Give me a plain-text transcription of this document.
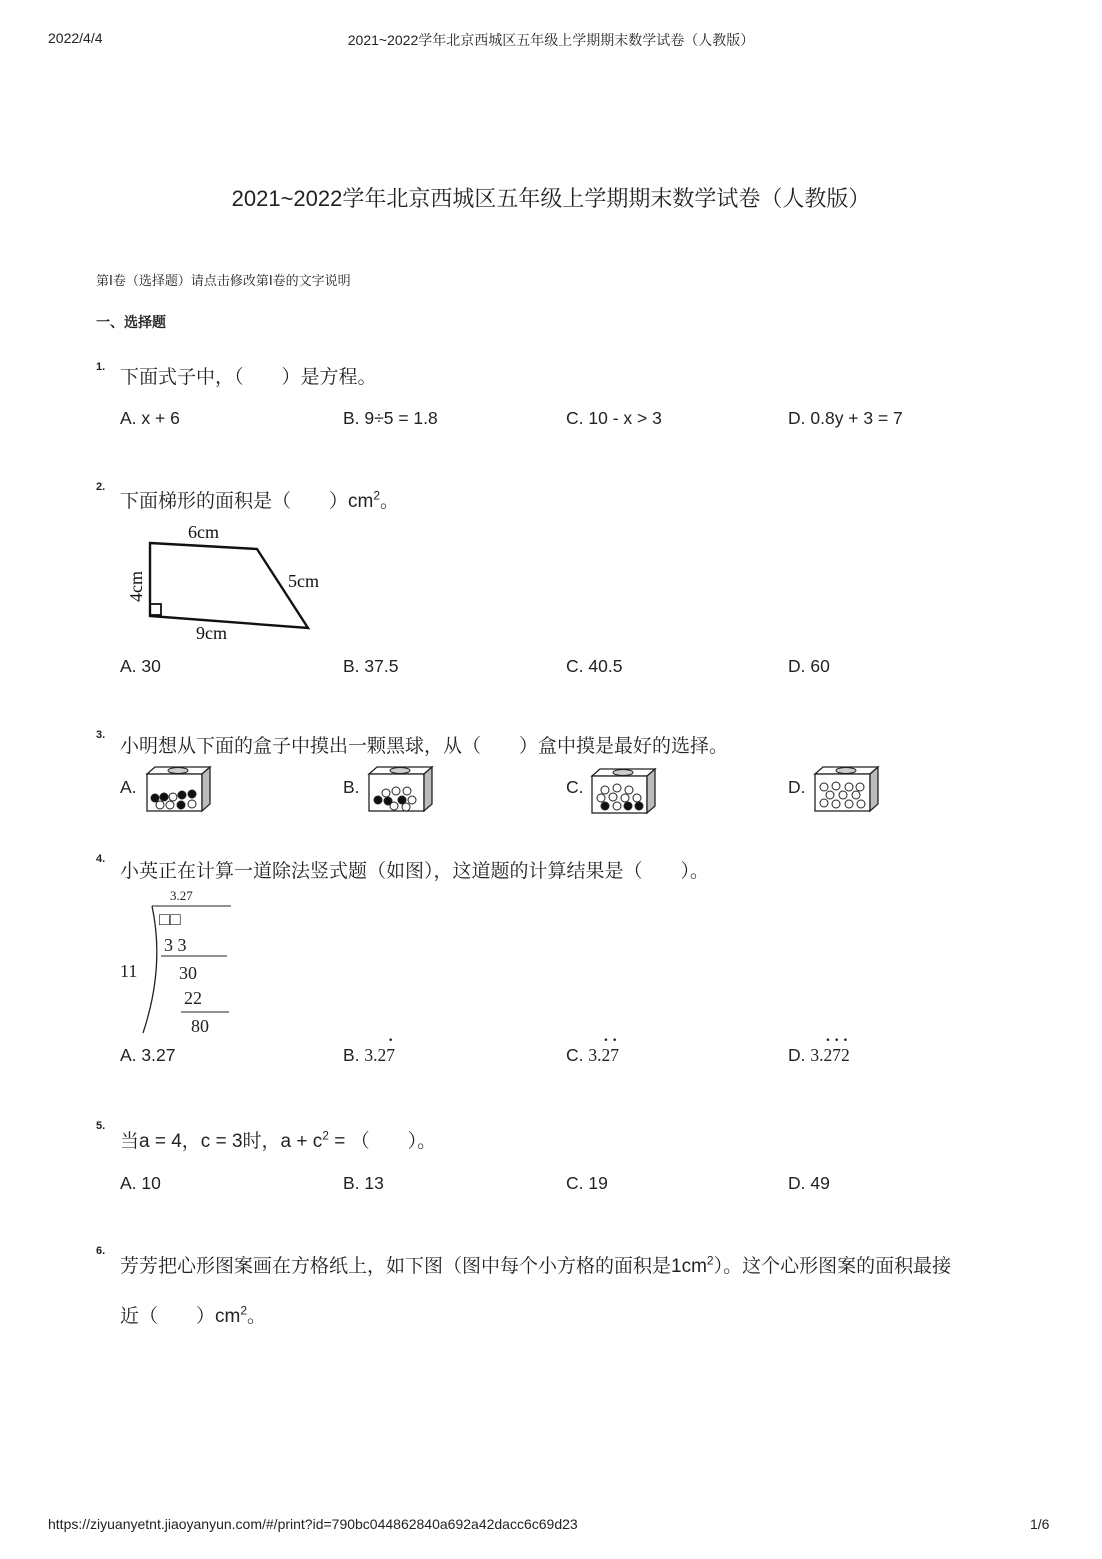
2022/4/4	2021~2022学年北京西城区五年级上学期期末数学试卷（人教版）
2021~2022学年北京西城区五年级上学期期末数学试卷（人教版）
第Ⅰ卷（选择题）请点击修改第Ⅰ卷的文字说明
一、选择题
1. 下面式子中，（　　）是方程。
A. x + 6	B. 9÷5 = 1.8	C. 10 - x > 3	D. 0.8y + 3 = 7
2.
下面梯形的面积是（　　）$cm^2$。
6cm
5cm
9cm
4cm
A. 30	B. 37.5	C. 40.5	D. 60
3.
小明想从下面的盒子中摸出一颗黑球，从（　　）盒中摸是最好的选择。
A.	B.	C.	D.
4.
小英正在计算一道除法竖式题（如图），这道题的计算结果是（　　）。
3.27
□□
3 3
30
22
80
11
A. 3.27	B. 3.2· 7	C. 3.· 2· 7	D. 3.· 2· 7· 2
5.
当a = 4，c = 3时，$a + c^2$ = （　　）。
A. 10	B. 13	C. 19	D. 49
6.
芳芳把心形图案画在方格纸上，如下图（图中每个小方格的面积是$1cm^2$）。这个心形图案的面积最接
近（　　）$cm^2$。
https://ziyuanyetnt.jiaoyanyun.com/#/print?id=790bc044862840a692a42dacc6c69d23	1/6
